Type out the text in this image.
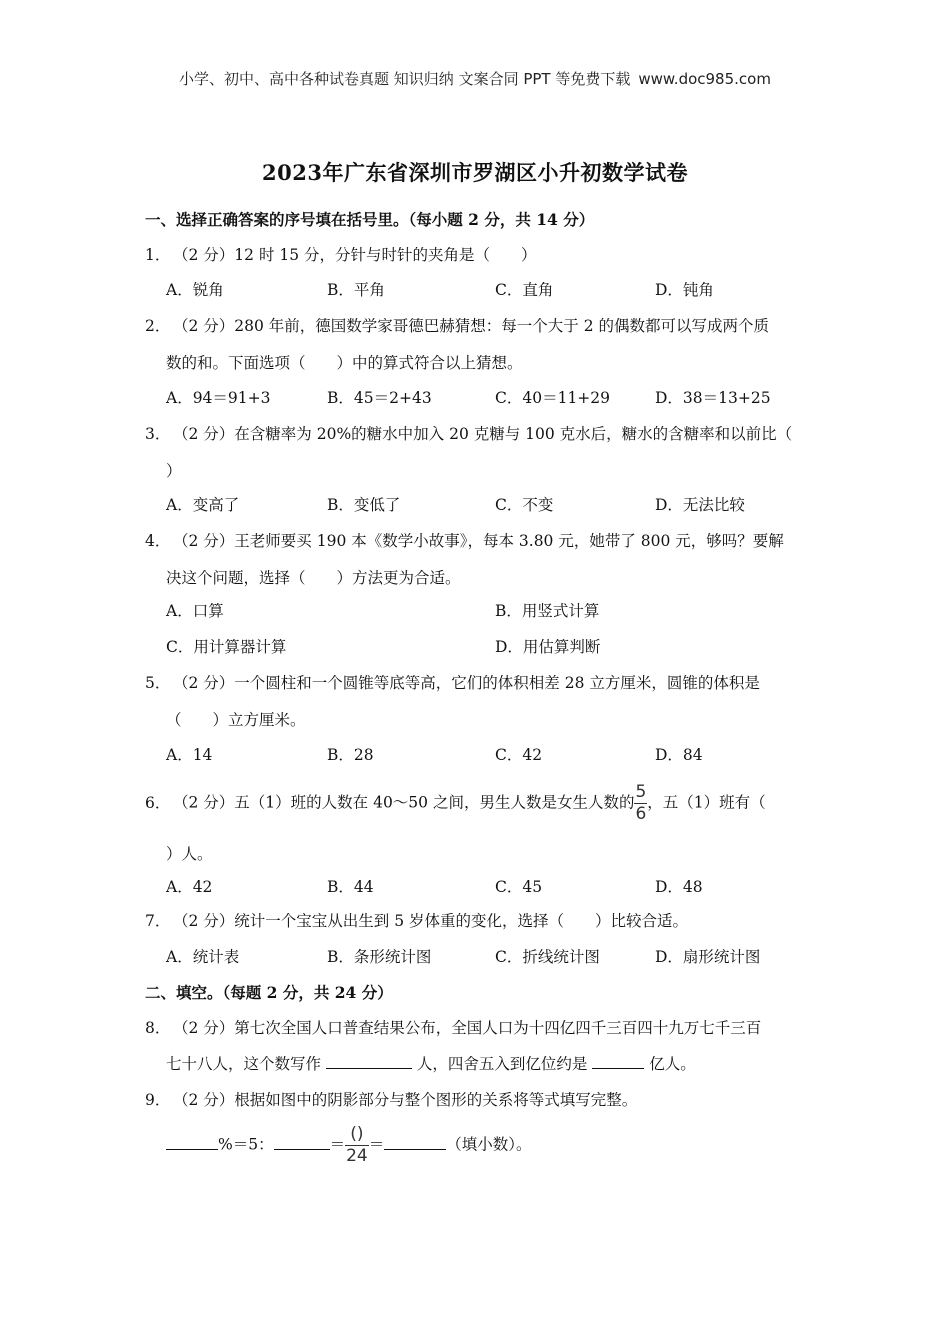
小学、初中、高中各种试卷真题 知识归纳 文案合同 PPT 等免费下载 www.doc985.com
2023年广东省深圳市罗湖区小升初数学试卷
一、选择正确答案的序号填在括号里。（每小题 2 分，共 14 分）
1． （2 分）12 时 15 分，分针与时针的夹角是（　　）
A．锐角	B．平角	C．直角	D．钝角
2． （2 分）280 年前，德国数学家哥德巴赫猜想：每一个大于 2 的偶数都可以写成两个质
数的和。下面选项（　　）中的算式符合以上猜想。
A．94＝91+3	B．45＝2+43	C．40＝11+29	D．38＝13+25
3． （2 分）在含糖率为 20%的糖水中加入 20 克糖与 100 克水后，糖水的含糖率和以前比（
）
A．变高了	B．变低了	C．不变	D．无法比较
4． （2 分）王老师要买 190 本《数学小故事》，每本 3.80 元，她带了 800 元，够吗？要解
决这个问题，选择（　　）方法更为合适。
A．口算	B．用竖式计算
C．用计算器计算	D．用估算判断
5． （2 分）一个圆柱和一个圆锥等底等高，它们的体积相差 28 立方厘米，圆锥的体积是
（　　）立方厘米。
A．14	B．28	C．42	D．84
6． （2 分）五（1）班的人数在 40～50 之间，男生人数是女生人数的 $\frac{5}{6}$ ，五（1）班有（
）人。
A．42	B．44	C．45	D．48
7． （2 分）统计一个宝宝从出生到 5 岁体重的变化，选择（　　）比较合适。
A．统计表	B．条形统计图	C．折线统计图	D．扇形统计图
二、填空。（每题 2 分，共 24 分）
8． （2 分）第七次全国人口普查结果公布，全国人口为十四亿四千三百四十九万七千三百
七十八人，这个数写作	人，四舍五入到亿位约是	亿人。
9． （2 分）根据如图中的阴影部分与整个图形的关系将等式填写完整。
%＝5：	＝ $\frac{()}{24}$ ＝	（填小数）。
